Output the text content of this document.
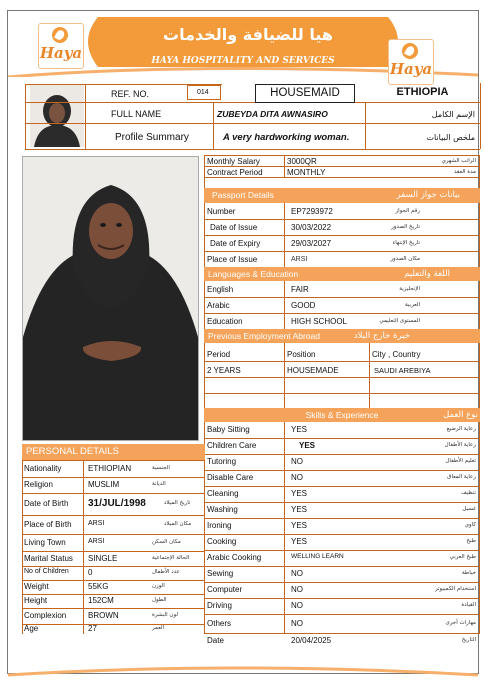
Haya
Haya
هيا للضيافة والخدمات
HAYA HOSPITALITY AND SERVICES
REF. NO.	014	HOUSEMAID	ETHIOPIA
FULL NAME	ZUBEYDA DITA AWNASIRO	الإسم الكامل
Profile Summary	A very hardworking woman.	ملخص البيانات
Monthly Salary	3000QR	الراتب الشهري
Contract Period	MONTHLY	مدة العقد
Passport Details	بيانات جواز السفر
Number	EP7293972	رقم الجواز
Date of Issue	30/03/2022	تاريخ الصدور
Date of Expiry	29/03/2027	تاريخ الإنتهاء
Place of Issue	ARSI	مكان الصدور
Languages & Education	اللغة والتعليم
English	FAIR	الإنجليزية
Arabic	GOOD	العربية
Education	HIGH SCHOOL	المستوى التعليمي
Previous Employment Abroad	خبرة خارج البلاد
Period	Position	City , Country
2 YEARS	HOUSEMADE	SAUDI AREBIYA
Skills & Experience	نوع العمل
Baby Sitting	YES	رعاية الرضيع
Children Care	YES	رعاية الأطفال
Tutoring	NO	تعليم الأطفال
Disable Care	NO	رعاية المعاق
Cleaning	YES	تنظيف
Washing	YES	غسيل
Ironing	YES	كاوي
Cooking	YES	طبخ
Arabic Cooking	WELLING LEARN	طبخ العربي
Sewing	NO	خياطة
Computer	NO	استخدام الكمبيوتر
Driving	NO	القيادة
Others	NO	مهارات أخرى
Date	20/04/2025	التاريخ
PERSONAL DETAILS
Nationality	ETHIOPIAN	الجنسية
Religion	MUSLIM	الديانة
Date of Birth 31/JUL/1998	تاريخ الميلاد
Place of Birth ARSI	مكان الميلاد
Living Town	ARSI	مكان السكن
Marital Status SINGLE	الحالة الإجتماعية
No of Children 0	عدد الأطفال
Weight	55KG	الوزن
Height	152CM	الطول
Complexion	BROWN	لون البشرة
Age	27	العمر
